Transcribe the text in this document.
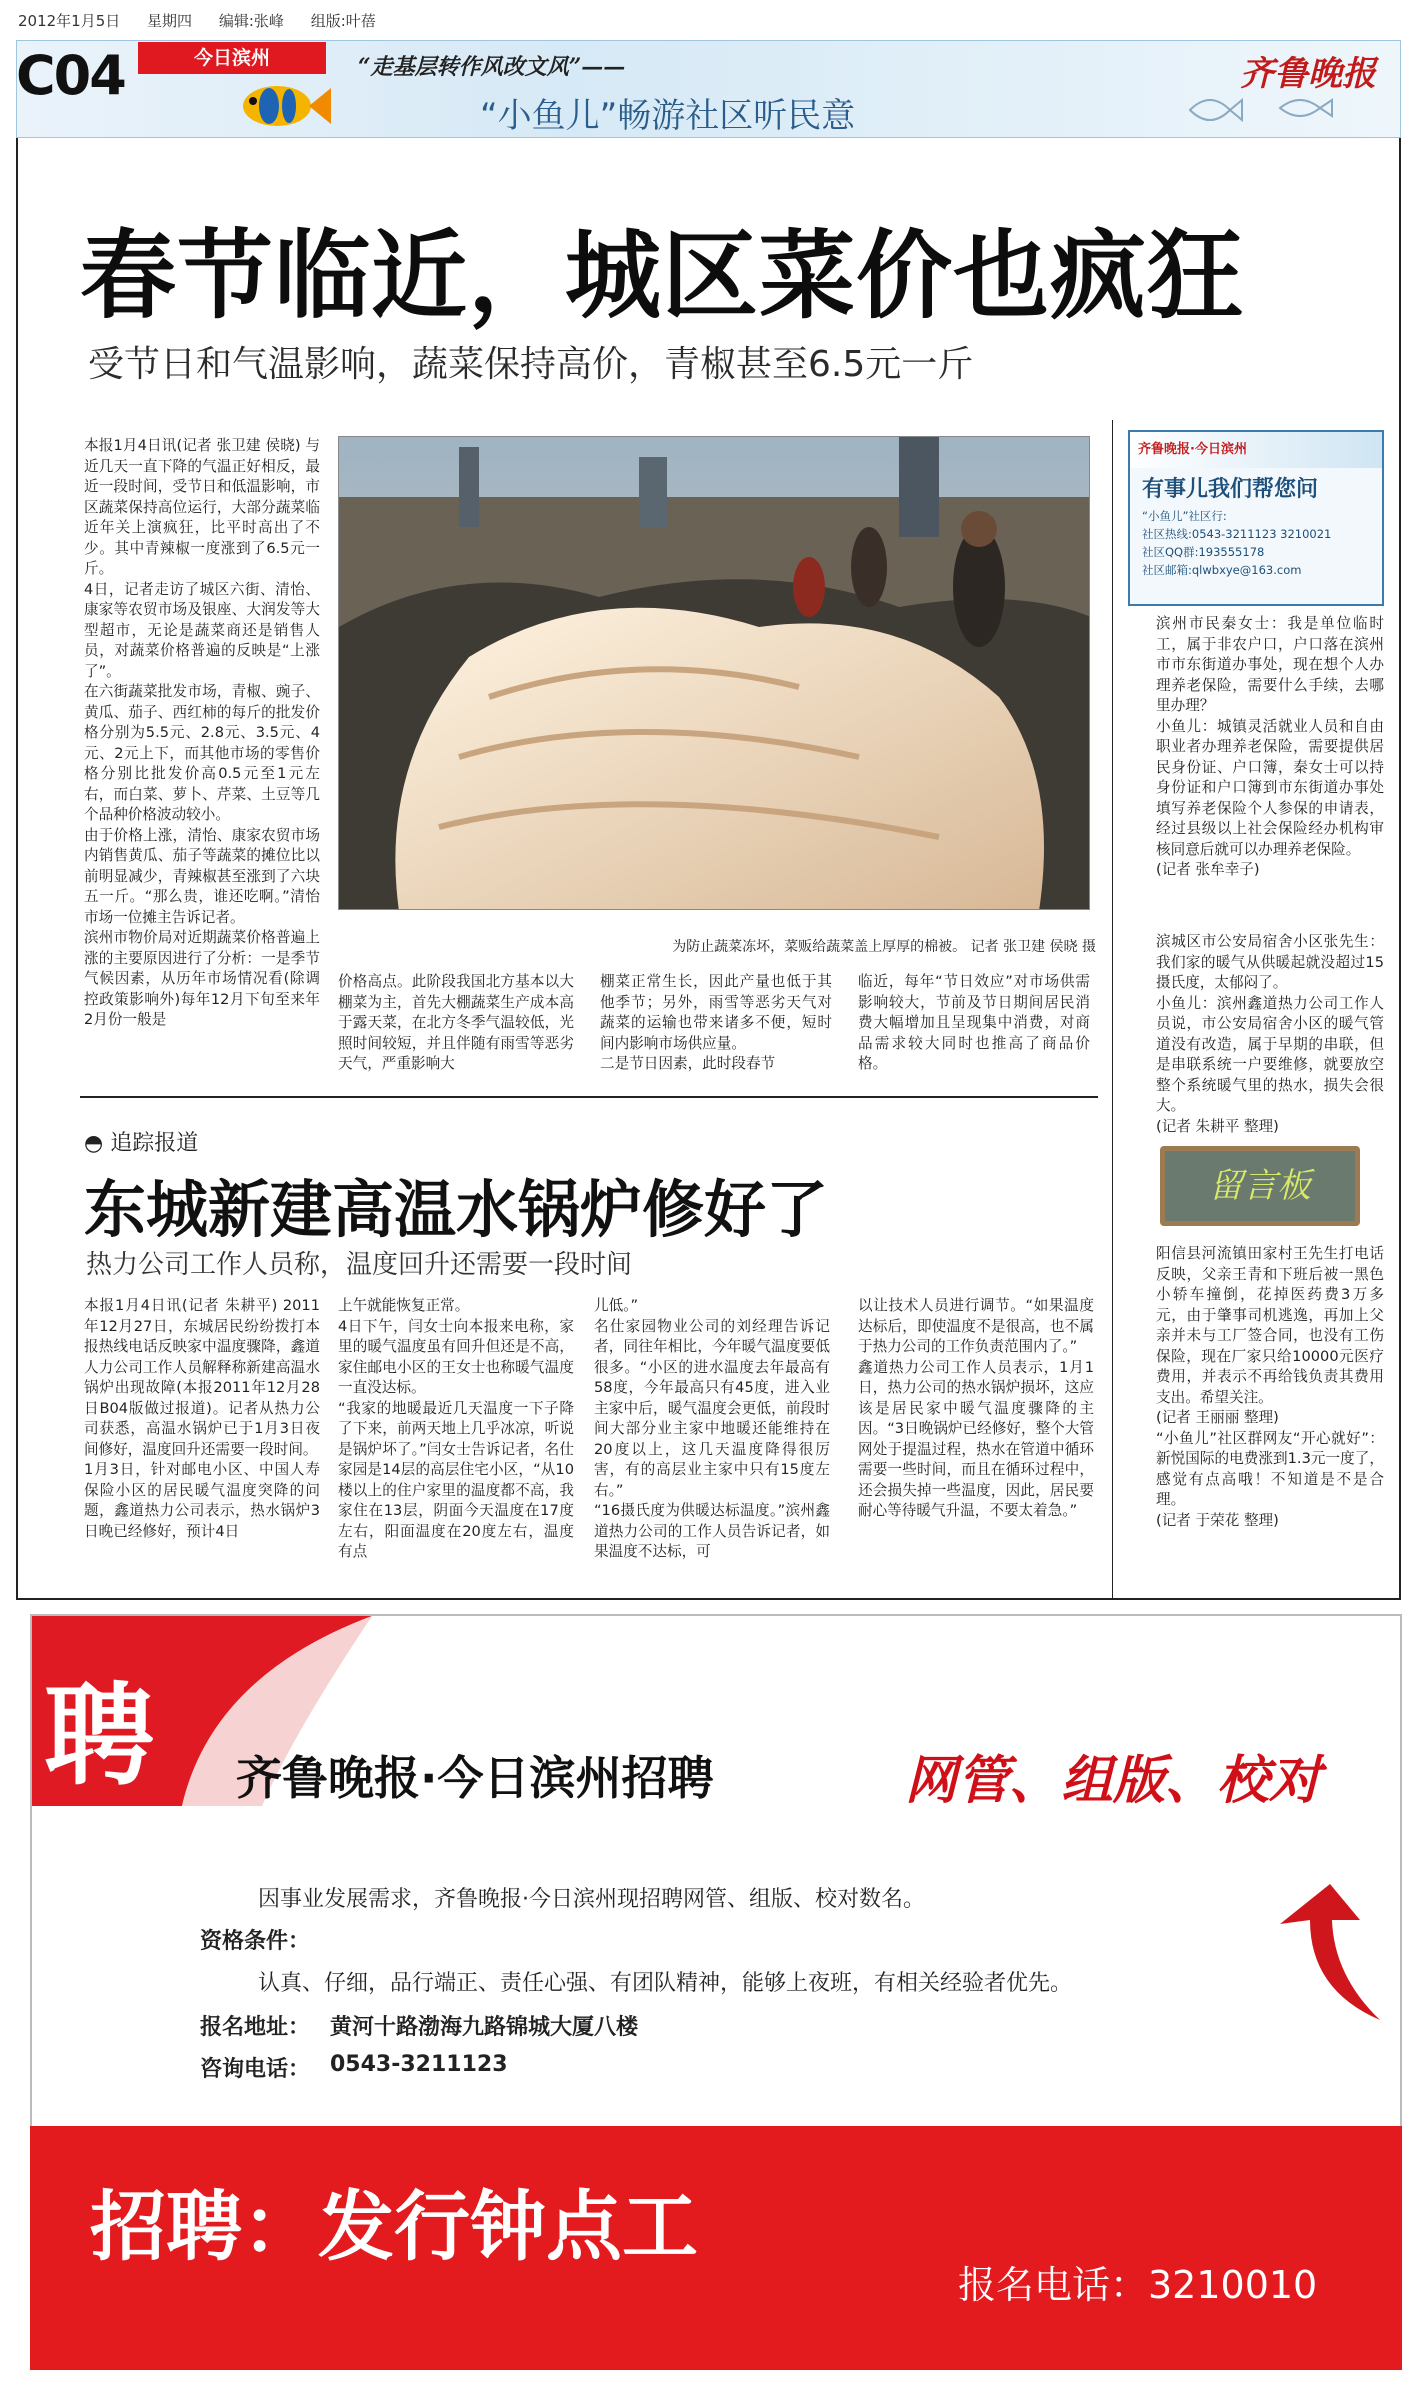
2012年1月5日 星期四 编辑:张峰 组版:叶蓓
C04	今日滨州	“走基层转作风改文风”——
“小鱼儿”畅游社区听民意
齐鲁晚报
春节临近，城区菜价也疯狂
受节日和气温影响，蔬菜保持高价，青椒甚至6.5元一斤
本报1月4日讯(记者 张卫建 侯晓) 与近几天一直下降的气温正好相反，最近一段时间，受节日和低温影响，市区蔬菜保持高位运行，大部分蔬菜临近年关上演疯狂，比平时高出了不少。其中青辣椒一度涨到了6.5元一斤。
4日，记者走访了城区六街、清怡、康家等农贸市场及银座、大润发等大型超市，无论是蔬菜商还是销售人员，对蔬菜价格普遍的反映是“上涨了”。
在六街蔬菜批发市场，青椒、豌子、黄瓜、茄子、西红柿的每斤的批发价格分别为5.5元、2.8元、3.5元、4元、2元上下，而其他市场的零售价格分别比批发价高0.5元至1元左右，而白菜、萝卜、芹菜、土豆等几个品种价格波动较小。
由于价格上涨，清怡、康家农贸市场内销售黄瓜、茄子等蔬菜的摊位比以前明显减少，青辣椒甚至涨到了六块五一斤。“那么贵，谁还吃啊。”清怡市场一位摊主告诉记者。
滨州市物价局对近期蔬菜价格普遍上涨的主要原因进行了分析：一是季节气候因素，从历年市场情况看(除调控政策影响外)每年12月下旬至来年2月份一般是
为防止蔬菜冻坏，菜贩给蔬菜盖上厚厚的棉被。 记者 张卫建 侯晓 摄
价格高点。此阶段我国北方基本以大棚菜为主，首先大棚蔬菜生产成本高于露天菜，在北方冬季气温较低，光照时间较短，并且伴随有雨雪等恶劣天气，严重影响大
棚菜正常生长，因此产量也低于其他季节；另外，雨雪等恶劣天气对蔬菜的运输也带来诸多不便，短时间内影响市场供应量。
二是节日因素，此时段春节
临近，每年“节日效应”对市场供需影响较大，节前及节日期间居民消费大幅增加且呈现集中消费，对商品需求较大同时也推高了商品价格。
◓ 追踪报道
东城新建高温水锅炉修好了
热力公司工作人员称，温度回升还需要一段时间
本报1月4日讯(记者 朱耕平) 2011年12月27日，东城居民纷纷拨打本报热线电话反映家中温度骤降，鑫道人力公司工作人员解释称新建高温水锅炉出现故障(本报2011年12月28日B04版做过报道)。记者从热力公司获悉，高温水锅炉已于1月3日夜间修好，温度回升还需要一段时间。
1月3日，针对邮电小区、中国人寿保险小区的居民暖气温度突降的问题，鑫道热力公司表示，热水锅炉3日晚已经修好，预计4日
上午就能恢复正常。
4日下午，闫女士向本报来电称，家里的暖气温度虽有回升但还是不高，家住邮电小区的王女士也称暖气温度一直没达标。
“我家的地暖最近几天温度一下子降了下来，前两天地上几乎冰凉，听说是锅炉坏了。”闫女士告诉记者，名仕家园是14层的高层住宅小区，“从10楼以上的住户家里的温度都不高，我家住在13层，阴面今天温度在17度左右，阳面温度在20度左右，温度有点
儿低。”
名仕家园物业公司的刘经理告诉记者，同往年相比，今年暖气温度要低很多。“小区的进水温度去年最高有58度，今年最高只有45度，进入业主家中后，暖气温度会更低，前段时间大部分业主家中地暖还能维持在20度以上，这几天温度降得很厉害，有的高层业主家中只有15度左右。”
“16摄氏度为供暖达标温度。”滨州鑫道热力公司的工作人员告诉记者，如果温度不达标，可
以让技术人员进行调节。“如果温度达标后，即使温度不是很高，也不属于热力公司的工作负责范围内了。”
鑫道热力公司工作人员表示，1月1日，热力公司的热水锅炉损坏，这应该是居民家中暖气温度骤降的主因。“3日晚锅炉已经修好，整个大管网处于提温过程，热水在管道中循环需要一些时间，而且在循环过程中，还会损失掉一些温度，因此，居民要耐心等待暖气升温，不要太着急。”
齐鲁晚报·今日滨州
有事儿我们帮您问
“小鱼儿”社区行:
社区热线:0543-3211123 3210021
社区QQ群:193555178
社区邮箱:qlwbxye@163.com
滨州市民秦女士：我是单位临时工，属于非农户口，户口落在滨州市市东街道办事处，现在想个人办理养老保险，需要什么手续，去哪里办理？
小鱼儿：城镇灵活就业人员和自由职业者办理养老保险，需要提供居民身份证、户口簿，秦女士可以持身份证和户口簿到市东街道办事处填写养老保险个人参保的申请表，经过县级以上社会保险经办机构审核同意后就可以办理养老保险。
(记者 张牟幸子)
滨城区市公安局宿舍小区张先生：我们家的暖气从供暖起就没超过15摄氏度，太郁闷了。
小鱼儿：滨州鑫道热力公司工作人员说，市公安局宿舍小区的暖气管道没有改造，属于早期的串联，但是串联系统一户要维修，就要放空整个系统暖气里的热水，损失会很大。
(记者 朱耕平 整理)
留言板
阳信县河流镇田家村王先生打电话反映，父亲王青和下班后被一黑色小轿车撞倒，花掉医药费3万多元，由于肇事司机逃逸，再加上父亲并未与工厂签合同，也没有工伤保险，现在厂家只给10000元医疗费用，并表示不再给钱负责其费用支出。希望关注。
(记者 王丽丽 整理)
“小鱼儿”社区群网友“开心就好”：新悦国际的电费涨到1.3元一度了，感觉有点高哦！不知道是不是合理。
(记者 于荣花 整理)
聘 齐鲁晚报·今日滨州招聘	网管、组版、校对
因事业发展需求，齐鲁晚报·今日滨州现招聘网管、组版、校对数名。
资格条件：
认真、仔细，品行端正、责任心强、有团队精神，能够上夜班，有相关经验者优先。
报名地址： 黄河十路渤海九路锦城大厦八楼
咨询电话： 0543-3211123
招聘：发行钟点工
报名电话：3210010
